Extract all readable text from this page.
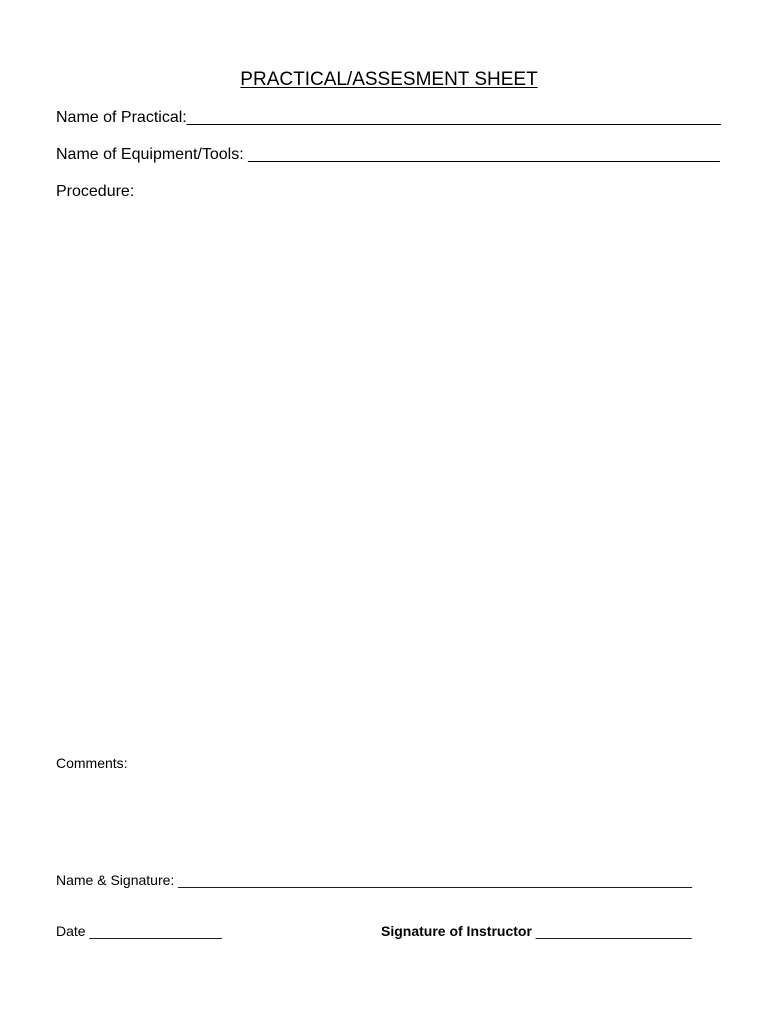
PRACTICAL/ASSESMENT SHEET
Name of Practical:____________________________________________________________
Name of Equipment/Tools: _____________________________________________________
Procedure:
Comments:
Name & Signature: __________________________________________________________________
Date _________________	Signature of Instructor ____________________
